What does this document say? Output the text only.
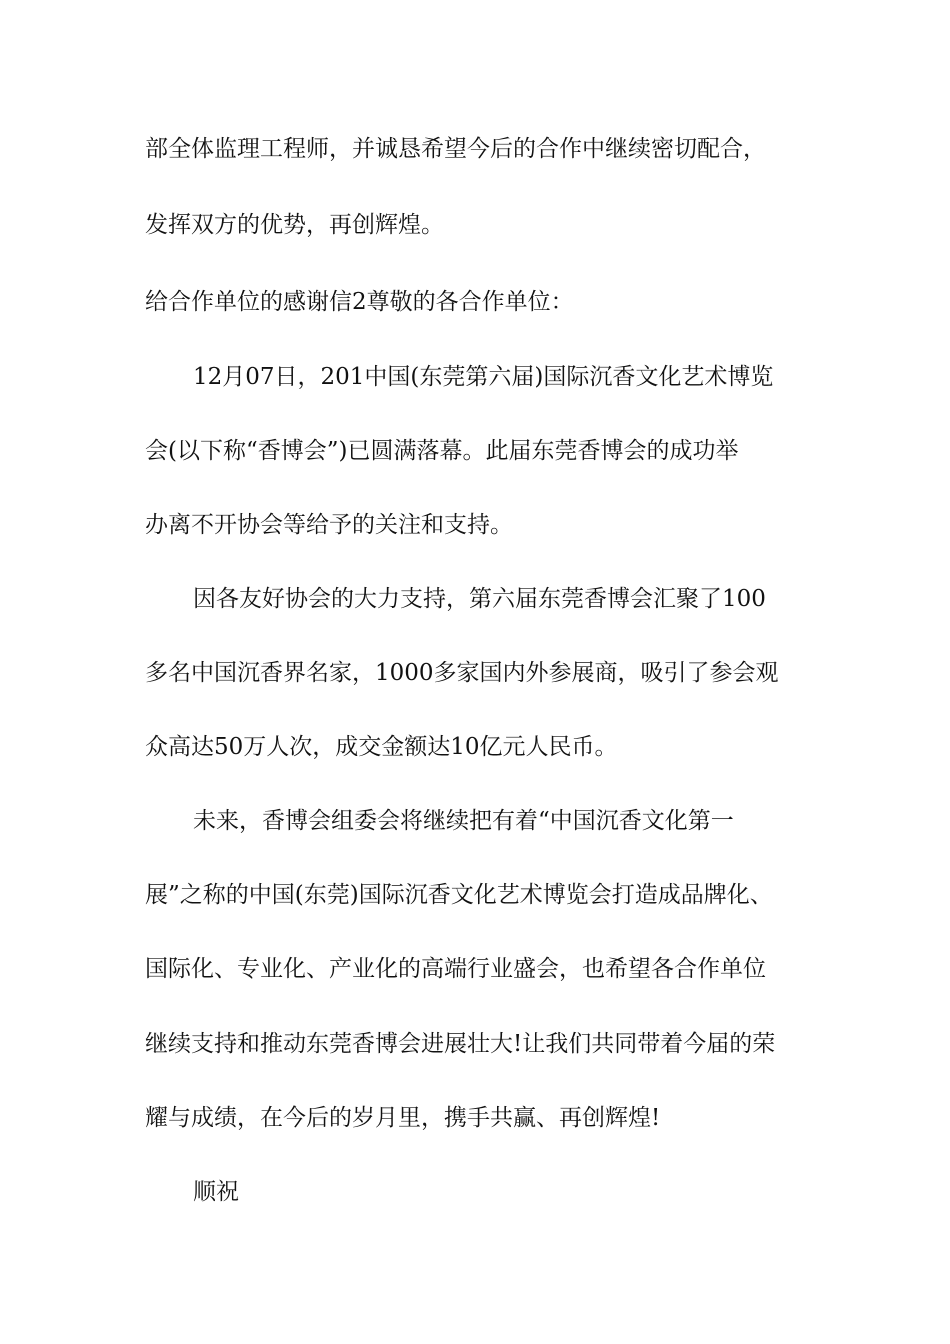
部全体监理工程师，并诚恳希望今后的合作中继续密切配合，
发挥双方的优势，再创辉煌。
给合作单位的感谢信2尊敬的各合作单位：
12月07日，201中国(东莞第六届)国际沉香文化艺术博览
会(以下称“香博会”)已圆满落幕。此届东莞香博会的成功举
办离不开协会等给予的关注和支持。
因各友好协会的大力支持，第六届东莞香博会汇聚了100
多名中国沉香界名家，1000多家国内外参展商，吸引了参会观
众高达50万人次，成交金额达10亿元人民币。
未来，香博会组委会将继续把有着“中国沉香文化第一
展”之称的中国(东莞)国际沉香文化艺术博览会打造成品牌化、
国际化、专业化、产业化的高端行业盛会，也希望各合作单位
继续支持和推动东莞香博会进展壮大!让我们共同带着今届的荣
耀与成绩，在今后的岁月里，携手共赢、再创辉煌!
顺祝
